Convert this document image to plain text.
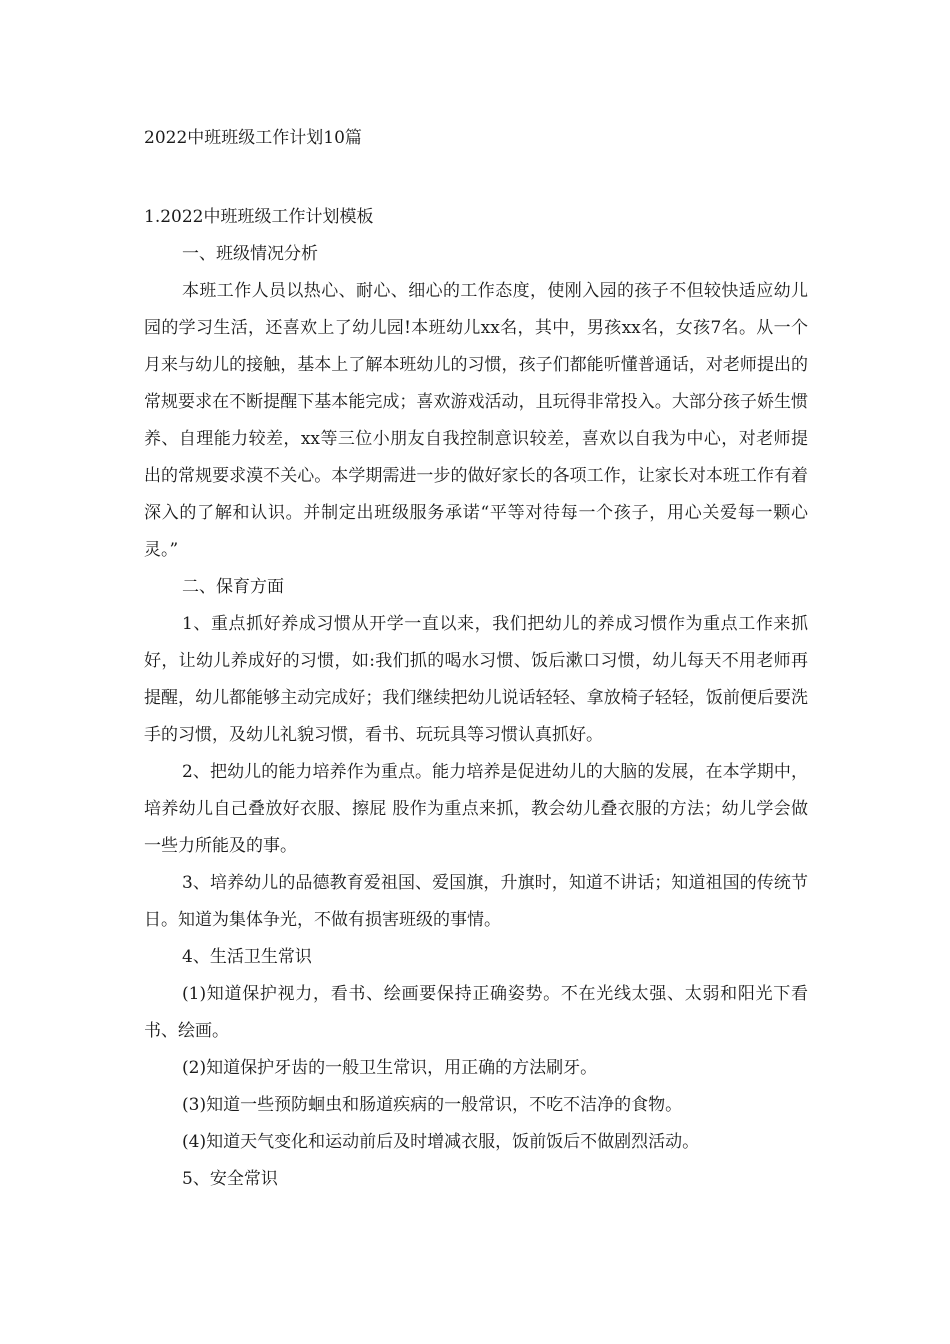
2022中班班级工作计划10篇

1.2022中班班级工作计划模板

一、班级情况分析

本班工作人员以热心、耐心、细心的工作态度，使刚入园的孩子不但较快适应幼儿园的学习生活，还喜欢上了幼儿园!本班幼儿xx名，其中，男孩xx名，女孩7名。从一个月来与幼儿的接触，基本上了解本班幼儿的习惯，孩子们都能听懂普通话，对老师提出的常规要求在不断提醒下基本能完成；喜欢游戏活动，且玩得非常投入。大部分孩子娇生惯养、自理能力较差，xx等三位小朋友自我控制意识较差，喜欢以自我为中心，对老师提出的常规要求漠不关心。本学期需进一步的做好家长的各项工作，让家长对本班工作有着深入的了解和认识。并制定出班级服务承诺“平等对待每一个孩子，用心关爱每一颗心灵。”

二、保育方面

1、重点抓好养成习惯从开学一直以来，我们把幼儿的养成习惯作为重点工作来抓好，让幼儿养成好的习惯，如:我们抓的喝水习惯、饭后漱口习惯，幼儿每天不用老师再提醒，幼儿都能够主动完成好；我们继续把幼儿说话轻轻、拿放椅子轻轻，饭前便后要洗手的习惯，及幼儿礼貌习惯，看书、玩玩具等习惯认真抓好。

2、把幼儿的能力培养作为重点。能力培养是促进幼儿的大脑的发展，在本学期中，培养幼儿自己叠放好衣服、擦屁 股作为重点来抓，教会幼儿叠衣服的方法；幼儿学会做一些力所能及的事。

3、培养幼儿的品德教育爱祖国、爱国旗，升旗时，知道不讲话；知道祖国的传统节日。知道为集体争光，不做有损害班级的事情。

4、生活卫生常识

(1)知道保护视力，看书、绘画要保持正确姿势。不在光线太强、太弱和阳光下看书、绘画。

(2)知道保护牙齿的一般卫生常识，用正确的方法刷牙。

(3)知道一些预防蛔虫和肠道疾病的一般常识，不吃不洁净的食物。

(4)知道天气变化和运动前后及时增减衣服，饭前饭后不做剧烈活动。

5、安全常识
